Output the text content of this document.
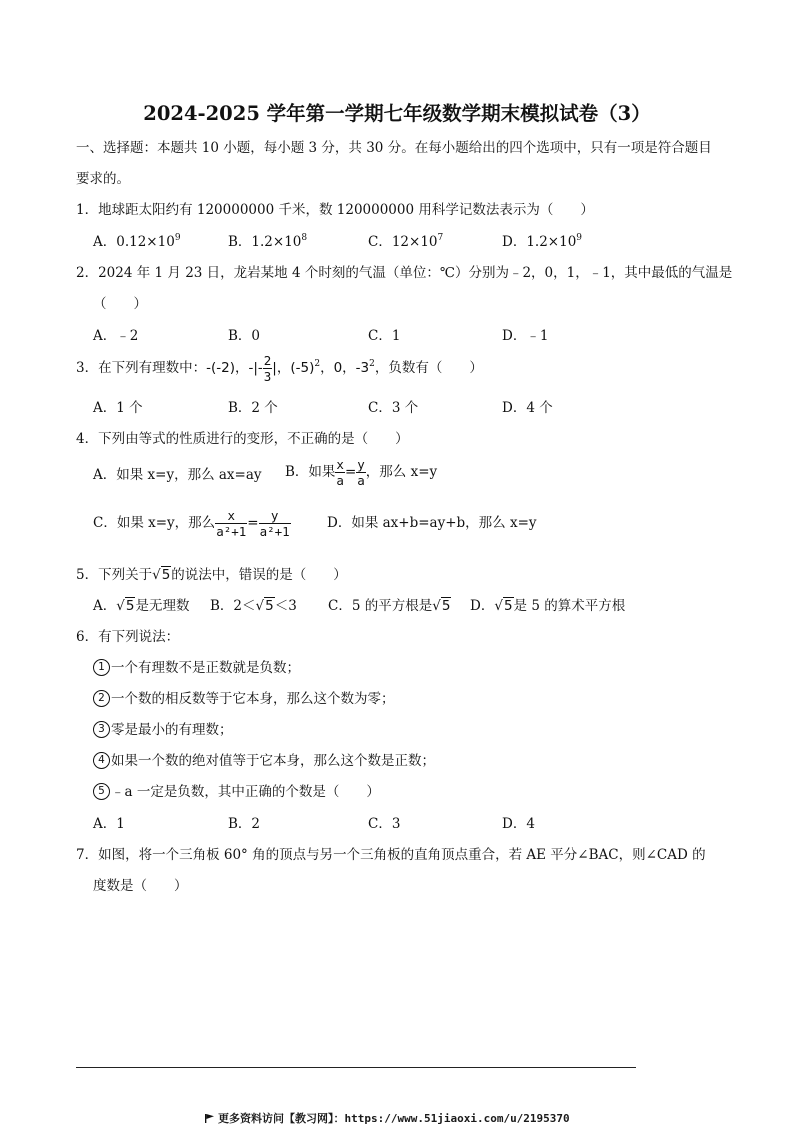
2024-2025 学年第一学期七年级数学期末模拟试卷（3）
一、选择题：本题共 10 小题，每小题 3 分，共 30 分。在每小题给出的四个选项中，只有一项是符合题目
要求的。
1．地球距太阳约有 120000000 千米，数 120000000 用科学记数法表示为（　　）
A．$0.12\times 10^9$	B．$1.2\times 10^8$	C．$12\times 10^7$	D．$1.2\times 10^9$
2．2024 年 1 月 23 日，龙岩某地 4 个时刻的气温（单位：℃）分别为﹣2，0，1，﹣1，其中最低的气温是
（　　）
A．﹣2	B．0	C．1	D．﹣1
3．在下列有理数中：-(-2)，-|- $\frac{2}{3}$ |，$(-5)^2$，0，$-3^2$，负数有（　　）
A．1 个	B．2 个	C．3 个	D．4 个
4．下列由等式的性质进行的变形，不正确的是（　　）
A．如果 x=y，那么 ax=ay B．如果 $\frac{x}{a} = \frac{y}{a}$ ，那么 x=y
C．如果 x=y，那么 $\frac{x}{\text{a²+1}} = \frac{y}{\text{a²+1}}$	D．如果 ax+b=ay+b，那么 x=y
5．下列关于√5的说法中，错误的是（　　）
A．√5是无理数 B．2＜√5＜3 C．5 的平方根是√5 D．√5是 5 的算术平方根
6．有下列说法：
1 一个有理数不是正数就是负数；
2 一个数的相反数等于它本身，那么这个数为零；
3 零是最小的有理数；
4 如果一个数的绝对值等于它本身，那么这个数是正数；
5 ﹣a 一定是负数，其中正确的个数是（　　）
A．1	B．2	C．3	D．4
7．如图，将一个三角板 60° 角的顶点与另一个三角板的直角顶点重合，若 AE 平分∠BAC，则∠CAD 的
度数是（　　）
更多资料访问【教习网】：https://www.51jiaoxi.com/u/2195370
